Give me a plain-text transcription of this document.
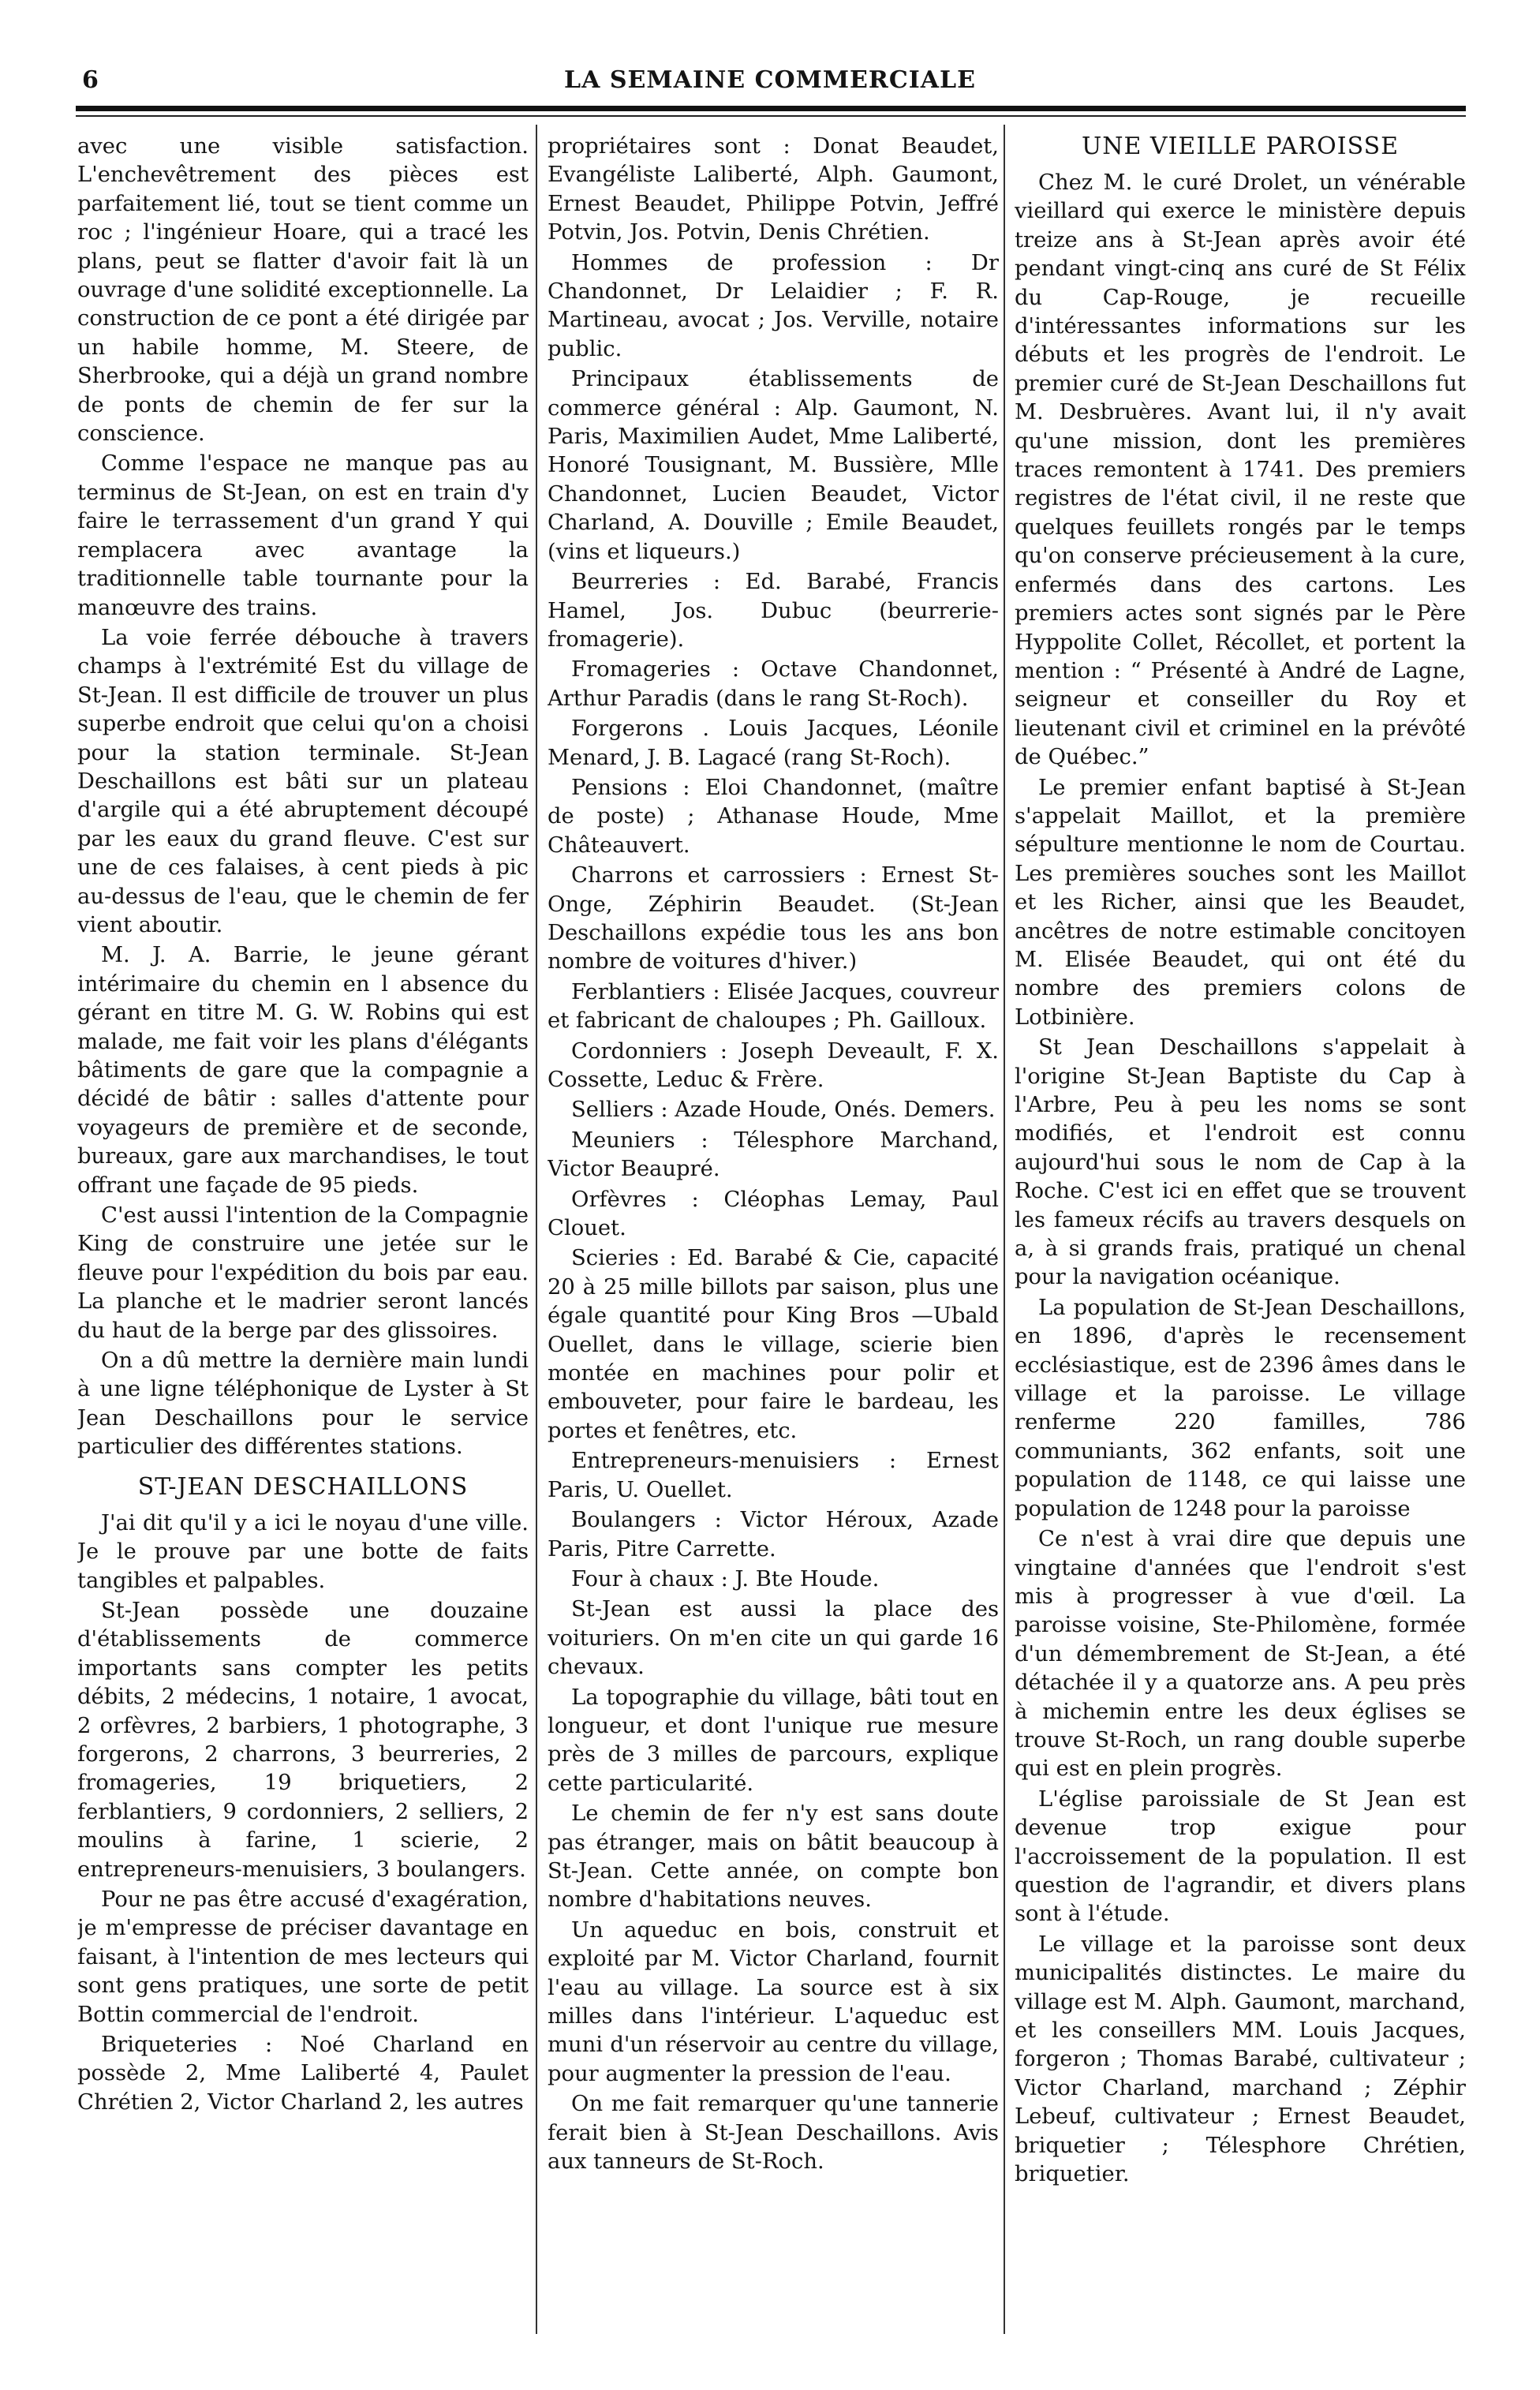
6	LA SEMAINE COMMERCIALE

avec une visible satisfaction. L'enchevêtrement des pièces est parfaitement lié, tout se tient comme un roc ; l'ingénieur Hoare, qui a tracé les plans, peut se flatter d'avoir fait là un ouvrage d'une solidité exceptionnelle. La construction de ce pont a été dirigée par un habile homme, M. Steere, de Sherbrooke, qui a déjà un grand nombre de ponts de chemin de fer sur la conscience.

Comme l'espace ne manque pas au terminus de St-Jean, on est en train d'y faire le terrassement d'un grand Y qui remplacera avec avantage la traditionnelle table tournante pour la manœuvre des trains.

La voie ferrée débouche à travers champs à l'extrémité Est du village de St-Jean. Il est difficile de trouver un plus superbe endroit que celui qu'on a choisi pour la station terminale. St-Jean Deschaillons est bâti sur un plateau d'argile qui a été abruptement découpé par les eaux du grand fleuve. C'est sur une de ces falaises, à cent pieds à pic au-dessus de l'eau, que le chemin de fer vient aboutir.

M. J. A. Barrie, le jeune gérant intérimaire du chemin en l absence du gérant en titre M. G. W. Robins qui est malade, me fait voir les plans d'élégants bâtiments de gare que la compagnie a décidé de bâtir : salles d'attente pour voyageurs de première et de seconde, bureaux, gare aux marchandises, le tout offrant une façade de 95 pieds.

C'est aussi l'intention de la Compagnie King de construire une jetée sur le fleuve pour l'expédition du bois par eau. La planche et le madrier seront lancés du haut de la berge par des glissoires.

On a dû mettre la dernière main lundi à une ligne téléphonique de Lyster à St Jean Deschaillons pour le service particulier des différentes stations.

ST-JEAN DESCHAILLONS

J'ai dit qu'il y a ici le noyau d'une ville. Je le prouve par une botte de faits tangibles et palpables.

St-Jean possède une douzaine d'établissements de commerce importants sans compter les petits débits, 2 médecins, 1 notaire, 1 avocat, 2 orfèvres, 2 barbiers, 1 photographe, 3 forgerons, 2 charrons, 3 beurreries, 2 fromageries, 19 briquetiers, 2 ferblantiers, 9 cordonniers, 2 selliers, 2 moulins à farine, 1 scierie, 2 entrepreneurs-menuisiers, 3 boulangers.

Pour ne pas être accusé d'exagération, je m'empresse de préciser davantage en faisant, à l'intention de mes lecteurs qui sont gens pratiques, une sorte de petit Bottin commercial de l'endroit.

Briqueteries : Noé Charland en possède 2, Mme Laliberté 4, Paulet Chrétien 2, Victor Charland 2, les autres

propriétaires sont : Donat Beaudet, Evangéliste Laliberté, Alph. Gaumont, Ernest Beaudet, Philippe Potvin, Jeffré Potvin, Jos. Potvin, Denis Chrétien.

Hommes de profession : Dr Chandonnet, Dr Lelaidier ; F. R. Martineau, avocat ; Jos. Verville, notaire public.

Principaux établissements de commerce général : Alp. Gaumont, N. Paris, Maximilien Audet, Mme Laliberté, Honoré Tousignant, M. Bussière, Mlle Chandonnet, Lucien Beaudet, Victor Charland, A. Douville ; Emile Beaudet, (vins et liqueurs.)

Beurreries : Ed. Barabé, Francis Hamel, Jos. Dubuc (beurrerie-fromagerie).

Fromageries : Octave Chandonnet, Arthur Paradis (dans le rang St-Roch).

Forgerons . Louis Jacques, Léonile Menard, J. B. Lagacé (rang St-Roch).

Pensions : Eloi Chandonnet, (maître de poste) ; Athanase Houde, Mme Châteauvert.

Charrons et carrossiers : Ernest St-Onge, Zéphirin Beaudet. (St-Jean Deschaillons expédie tous les ans bon nombre de voitures d'hiver.)

Ferblantiers : Elisée Jacques, couvreur et fabricant de chaloupes ; Ph. Gailloux.

Cordonniers : Joseph Deveault, F. X. Cossette, Leduc & Frère.

Selliers : Azade Houde, Onés. Demers.

Meuniers : Télesphore Marchand, Victor Beaupré.

Orfèvres : Cléophas Lemay, Paul Clouet.

Scieries : Ed. Barabé & Cie, capacité 20 à 25 mille billots par saison, plus une égale quantité pour King Bros —Ubald Ouellet, dans le village, scierie bien montée en machines pour polir et embouveter, pour faire le bardeau, les portes et fenêtres, etc.

Entrepreneurs-menuisiers : Ernest Paris, U. Ouellet.

Boulangers : Victor Héroux, Azade Paris, Pitre Carrette.

Four à chaux : J. Bte Houde.

St-Jean est aussi la place des voituriers. On m'en cite un qui garde 16 chevaux.

La topographie du village, bâti tout en longueur, et dont l'unique rue mesure près de 3 milles de parcours, explique cette particularité.

Le chemin de fer n'y est sans doute pas étranger, mais on bâtit beaucoup à St-Jean. Cette année, on compte bon nombre d'habitations neuves.

Un aqueduc en bois, construit et exploité par M. Victor Charland, fournit l'eau au village. La source est à six milles dans l'intérieur. L'aqueduc est muni d'un réservoir au centre du village, pour augmenter la pression de l'eau.

On me fait remarquer qu'une tannerie ferait bien à St-Jean Deschaillons. Avis aux tanneurs de St-Roch.

UNE VIEILLE PAROISSE

Chez M. le curé Drolet, un vénérable vieillard qui exerce le ministère depuis treize ans à St-Jean après avoir été pendant vingt-cinq ans curé de St Félix du Cap-Rouge, je recueille d'intéressantes informations sur les débuts et les progrès de l'endroit. Le premier curé de St-Jean Deschaillons fut M. Desbruères. Avant lui, il n'y avait qu'une mission, dont les premières traces remontent à 1741. Des premiers registres de l'état civil, il ne reste que quelques feuillets rongés par le temps qu'on conserve précieusement à la cure, enfermés dans des cartons. Les premiers actes sont signés par le Père Hyppolite Collet, Récollet, et portent la mention : “ Présenté à André de Lagne, seigneur et conseiller du Roy et lieutenant civil et criminel en la prévôté de Québec.”

Le premier enfant baptisé à St-Jean s'appelait Maillot, et la première sépulture mentionne le nom de Courtau. Les premières souches sont les Maillot et les Richer, ainsi que les Beaudet, ancêtres de notre estimable concitoyen M. Elisée Beaudet, qui ont été du nombre des premiers colons de Lotbinière.

St Jean Deschaillons s'appelait à l'origine St-Jean Baptiste du Cap à l'Arbre, Peu à peu les noms se sont modifiés, et l'endroit est connu aujourd'hui sous le nom de Cap à la Roche. C'est ici en effet que se trouvent les fameux récifs au travers desquels on a, à si grands frais, pratiqué un chenal pour la navigation océanique.

La population de St-Jean Deschaillons, en 1896, d'après le recensement ecclésiastique, est de 2396 âmes dans le village et la paroisse. Le village renferme 220 familles, 786 communiants, 362 enfants, soit une population de 1148, ce qui laisse une population de 1248 pour la paroisse

Ce n'est à vrai dire que depuis une vingtaine d'années que l'endroit s'est mis à progresser à vue d'œil. La paroisse voisine, Ste-Philomène, formée d'un démembrement de St-Jean, a été détachée il y a quatorze ans. A peu près à michemin entre les deux églises se trouve St-Roch, un rang double superbe qui est en plein progrès.

L'église paroissiale de St Jean est devenue trop exigue pour l'accroissement de la population. Il est question de l'agrandir, et divers plans sont à l'étude.

Le village et la paroisse sont deux municipalités distinctes. Le maire du village est M. Alph. Gaumont, marchand, et les conseillers MM. Louis Jacques, forgeron ; Thomas Barabé, cultivateur ; Victor Charland, marchand ; Zéphir Lebeuf, cultivateur ; Ernest Beaudet, briquetier ; Télesphore Chrétien, briquetier.
